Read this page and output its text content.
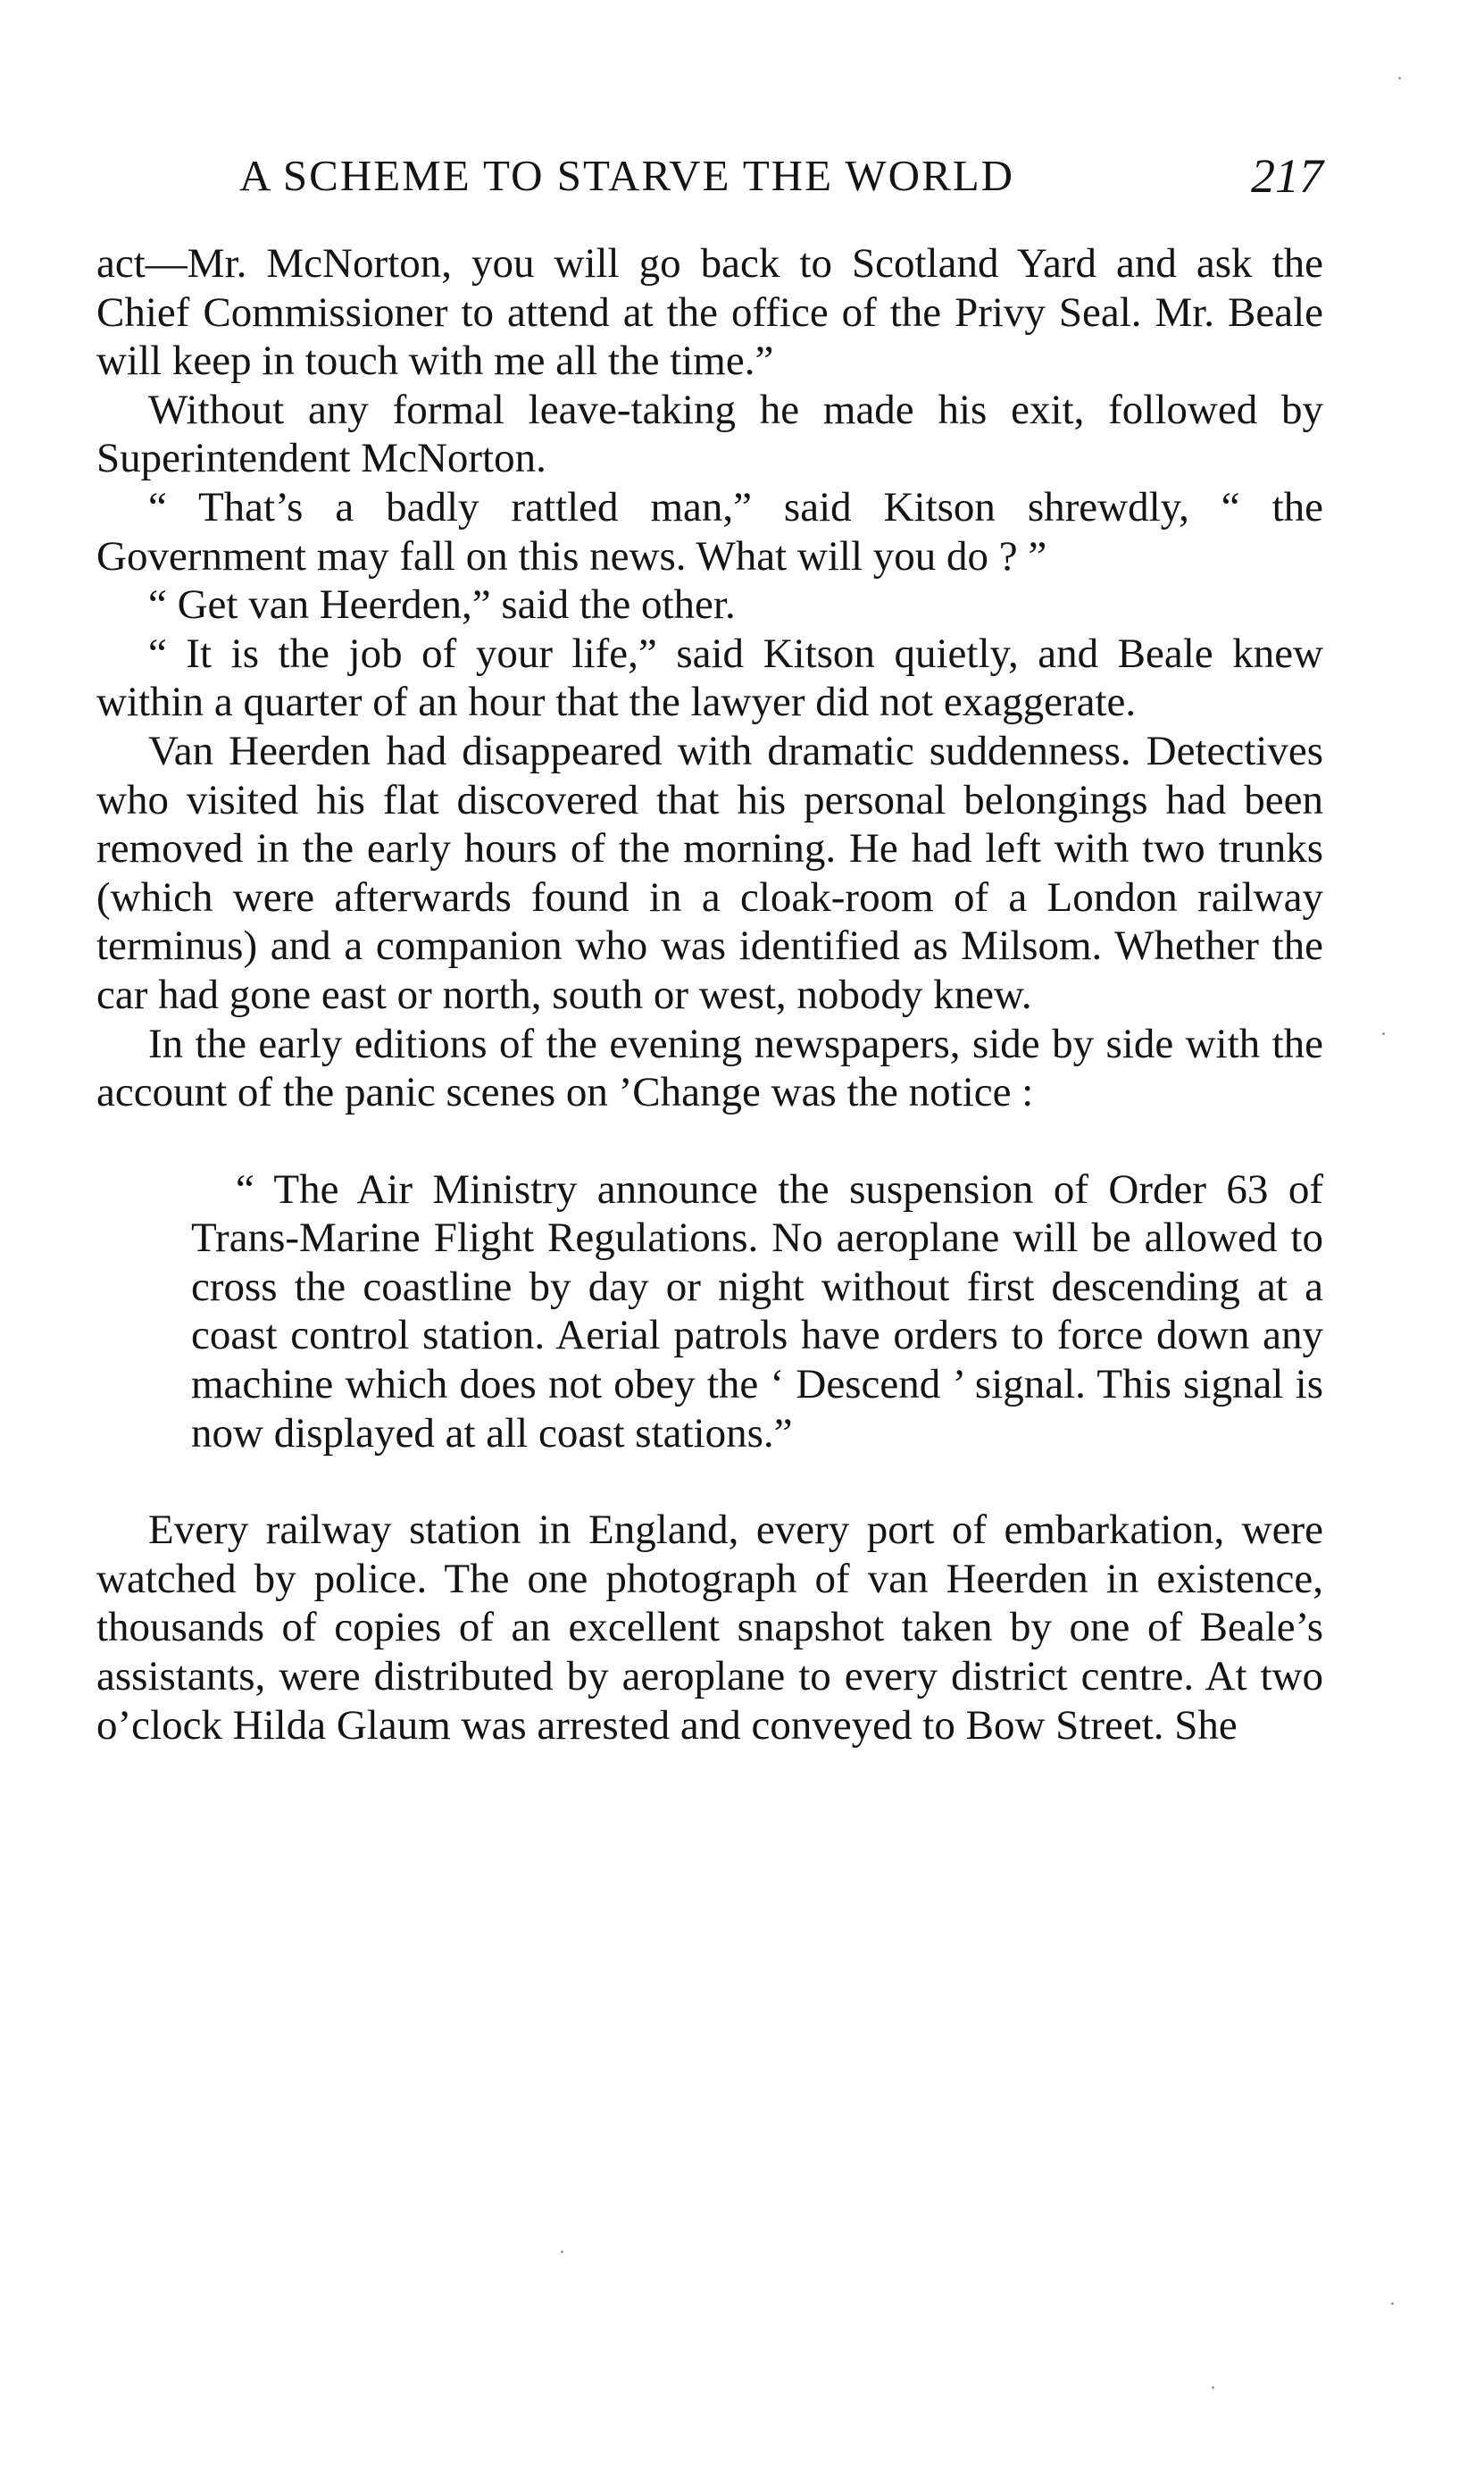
A SCHEME TO STARVE THE WORLD	217

act—Mr. McNorton, you will go back to Scotland Yard and ask the Chief Commissioner to attend at the office of the Privy Seal. Mr. Beale will keep in touch with me all the time.”

Without any formal leave-taking he made his exit, followed by Superintendent McNorton.

“ That’s a badly rattled man,” said Kitson shrewdly, “ the Government may fall on this news. What will you do ? ”

“ Get van Heerden,” said the other.

“ It is the job of your life,” said Kitson quietly, and Beale knew within a quarter of an hour that the lawyer did not exaggerate.

Van Heerden had disappeared with dramatic suddenness. Detectives who visited his flat discovered that his personal belongings had been removed in the early hours of the morning. He had left with two trunks (which were afterwards found in a cloak-room of a London railway terminus) and a companion who was identified as Milsom. Whether the car had gone east or north, south or west, nobody knew.

In the early editions of the evening newspapers, side by side with the account of the panic scenes on ’Change was the notice :

“ The Air Ministry announce the suspension of Order 63 of Trans-Marine Flight Regulations. No aeroplane will be allowed to cross the coastline by day or night without first descending at a coast control station. Aerial patrols have orders to force down any machine which does not obey the ‘ Descend ’ signal. This signal is now displayed at all coast stations.”

Every railway station in England, every port of embarkation, were watched by police. The one photograph of van Heerden in existence, thousands of copies of an excellent snapshot taken by one of Beale’s assistants, were distributed by aeroplane to every district centre. At two o’clock Hilda Glaum was arrested and conveyed to Bow Street. She
